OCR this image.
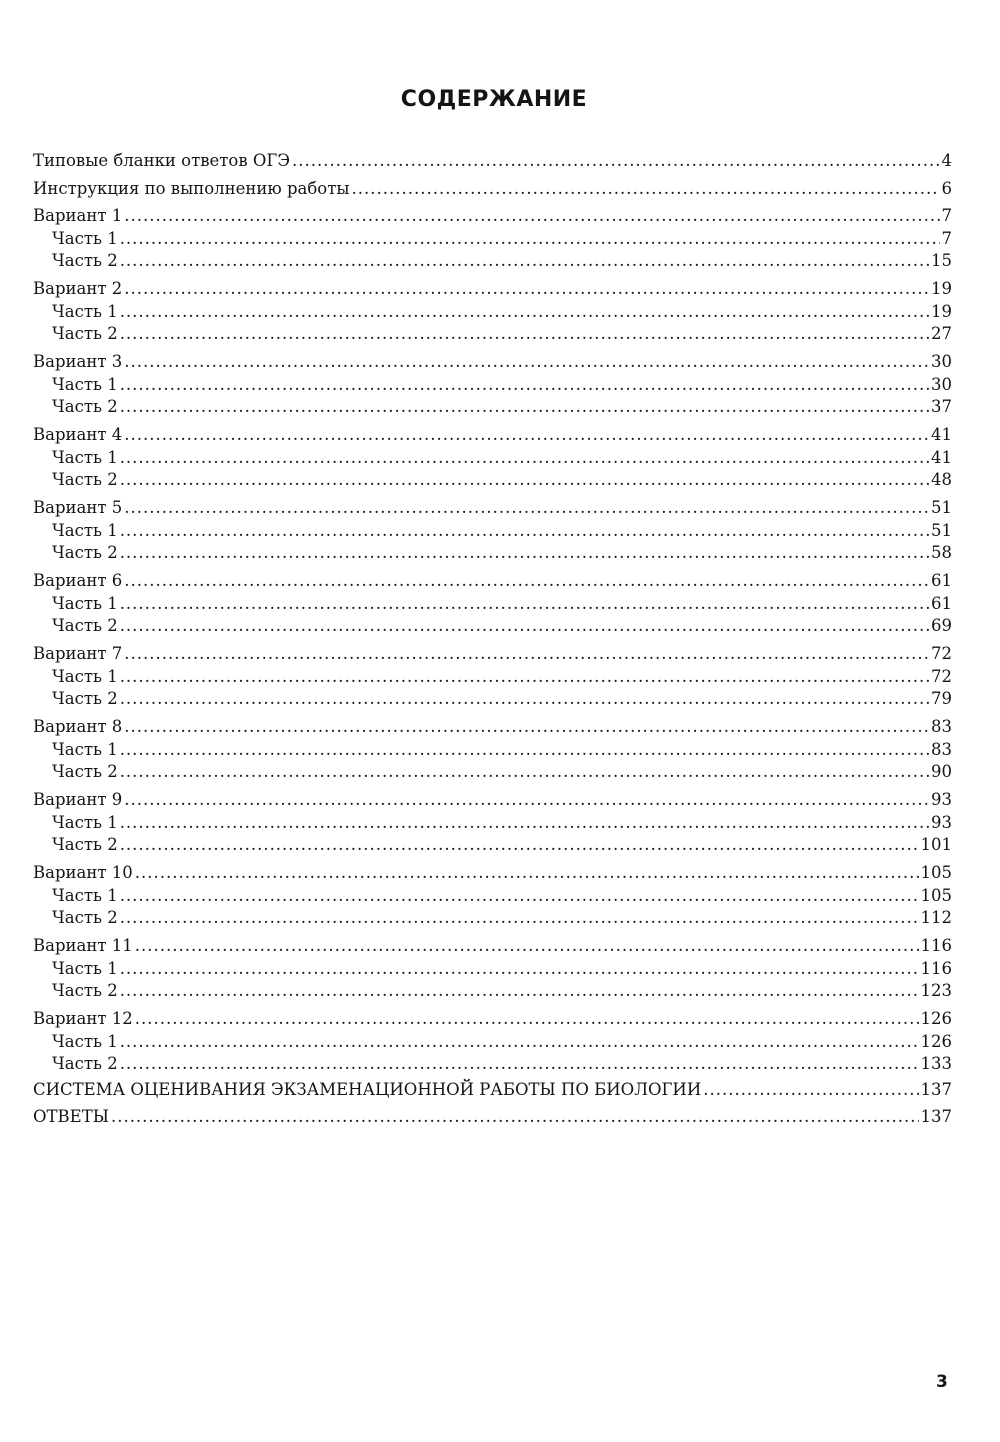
СОДЕРЖАНИЕ
Типовые бланки ответов ОГЭ .....	4
Инструкция по выполнению работы .....	6
Вариант 1 .....	7
Часть 1 .....	7
Часть 2 .....	15
Вариант 2 .....	19
Часть 1 .....	19
Часть 2 .....	27
Вариант 3 .....	30
Часть 1 .....	30
Часть 2 .....	37
Вариант 4 .....	41
Часть 1 .....	41
Часть 2 .....	48
Вариант 5 .....	51
Часть 1 .....	51
Часть 2 .....	58
Вариант 6 .....	61
Часть 1 .....	61
Часть 2 .....	69
Вариант 7 .....	72
Часть 1 .....	72
Часть 2 .....	79
Вариант 8 .....	83
Часть 1 .....	83
Часть 2 .....	90
Вариант 9 .....	93
Часть 1 .....	93
Часть 2 .....	101
Вариант 10 .....	105
Часть 1 .....	105
Часть 2 .....	112
Вариант 11 .....	116
Часть 1 .....	116
Часть 2 .....	123
Вариант 12 .....	126
Часть 1 .....	126
Часть 2 .....	133
СИСТЕМА ОЦЕНИВАНИЯ ЭКЗАМЕНАЦИОННОЙ РАБОТЫ ПО БИОЛОГИИ .....	137
ОТВЕТЫ .....	137
3
